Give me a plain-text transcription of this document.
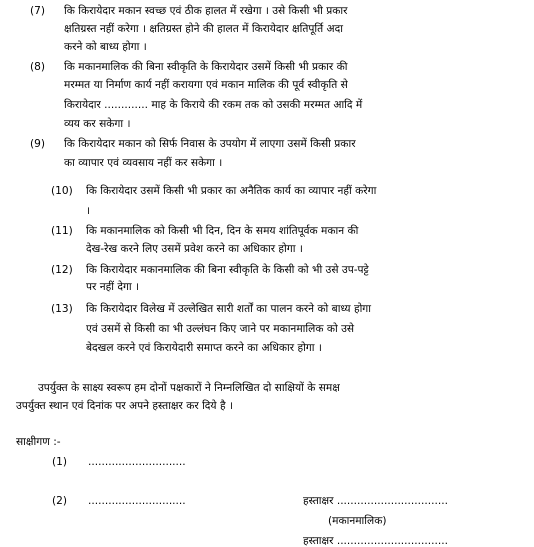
(7) कि किरायेदार मकान स्वच्छ एवं ठीक हालत में रखेगा । उसे किसी भी प्रकार
क्षतिग्रस्त नहीं करेगा । क्षतिग्रस्त होने की हालत में किरायेदार क्षतिपूर्ति अदा
करने को बाध्य होगा ।
(8) कि मकानमालिक की बिना स्वीकृति के किरायेदार उसमें किसी भी प्रकार की
मरम्मत या निर्माण कार्य नहीं करायगा एवं मकान मालिक की पूर्व स्वीकृति से
किरायेदार ............. माह के किराये की रकम तक को उसकी मरम्मत आदि में
व्यय कर सकेगा ।
(9) कि किरायेदार मकान को सिर्फ निवास के उपयोग में लाएगा उसमें किसी प्रकार
का व्यापार एवं व्यवसाय नहीं कर सकेगा ।
(10) कि किरायेदार उसमें किसी भी प्रकार का अनैतिक कार्य का व्यापार नहीं करेगा
।
(11) कि मकानमालिक को किसी भी दिन, दिन के समय शांतिपूर्वक मकान की
देख-रेख करने लिए उसमें प्रवेश करने का अधिकार होगा ।
(12) कि किरायेदार मकानमालिक की बिना स्वीकृति के किसी को भी उसे उप-पट्टे
पर नहीं देगा ।
(13) कि किरायेदार विलेख में उल्लेखित सारी शर्तों का पालन करने को बाध्य होगा
एवं उसमें से किसी का भी उल्लंघन किए जाने पर मकानमालिक को उसे
बेदखल करने एवं किरायेदारी समाप्त करने का अधिकार होगा ।
उपर्युक्त के साक्ष्य स्वरूप हम दोनों पक्षकारों ने निम्नलिखित दो साक्षियों के समक्ष
उपर्युक्त स्थान एवं दिनांक पर अपने हस्ताक्षर कर दिये है ।
साक्षीगण :-
(1) .............................
(2) .............................	हस्ताक्षर .................................
(मकानमालिक)
हस्ताक्षर .................................
